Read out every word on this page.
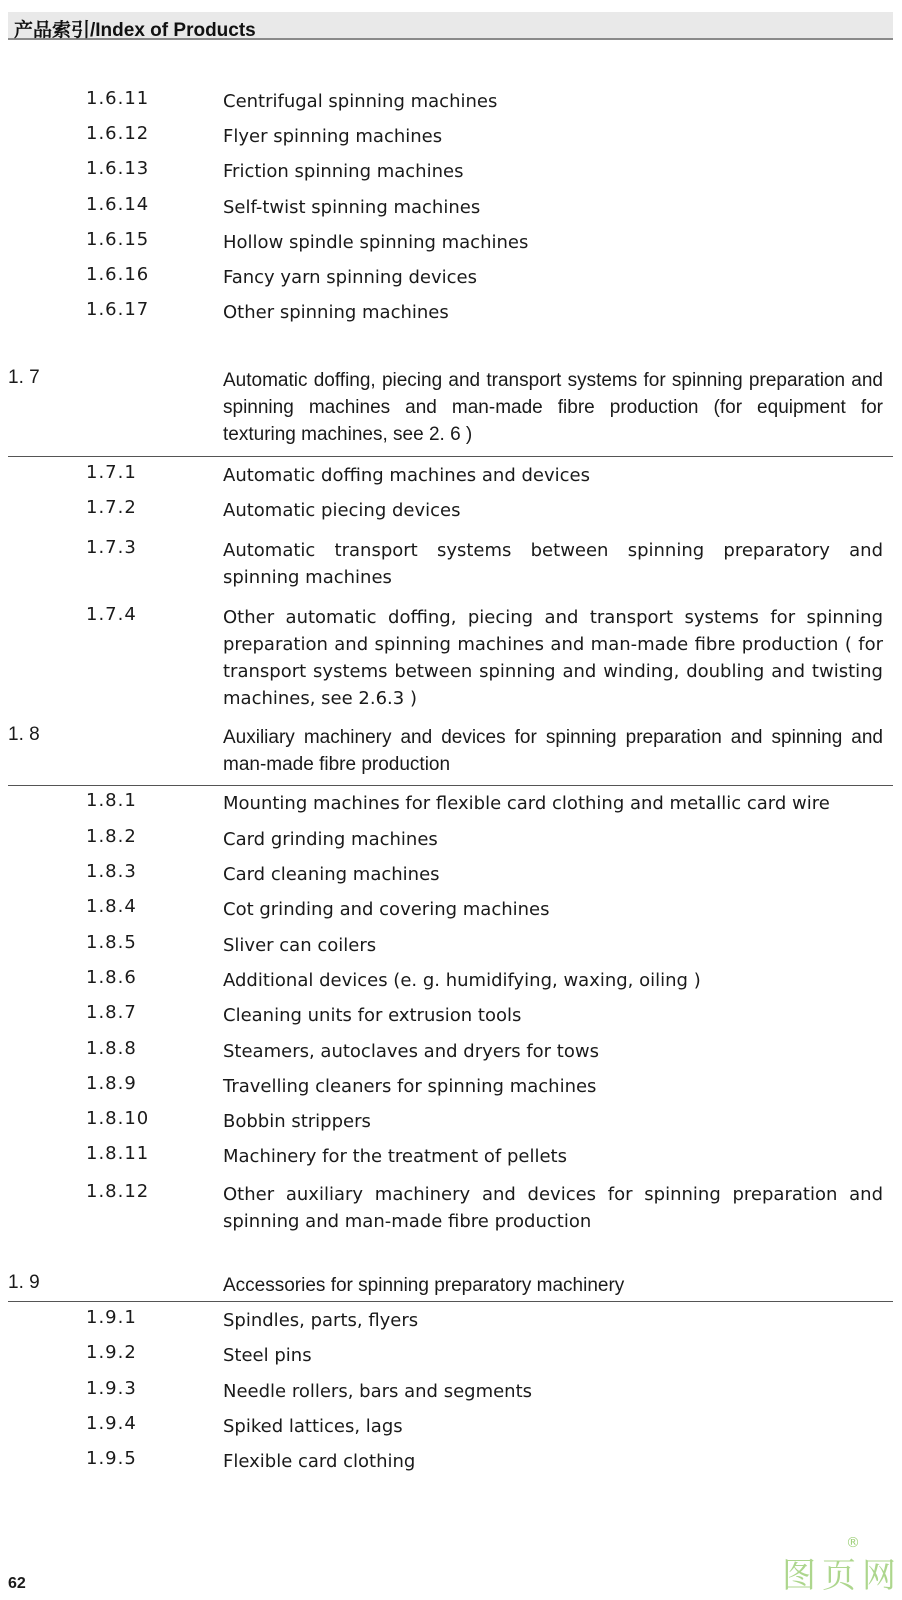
产品索引/Index of Products
1.6.11	Centrifugal spinning machines
1.6.12	Flyer spinning machines
1.6.13	Friction spinning machines
1.6.14	Self-twist spinning machines
1.6.15	Hollow spindle spinning machines
1.6.16	Fancy yarn spinning devices
1.6.17	Other spinning machines
1. 7	Automatic doffing, piecing and transport systems for spinning preparation and spinning machines and man-made fibre production (for equipment for texturing machines, see 2. 6 )
1.7.1	Automatic doffing machines and devices
1.7.2	Automatic piecing devices
1.7.3	Automatic transport systems between spinning preparatory and spinning machines
1.7.4	Other automatic doffing, piecing and transport systems for spinning preparation and spinning machines and man-made fibre production ( for transport systems between spinning and winding, doubling and twisting machines, see 2.6.3 )
1. 8	Auxiliary machinery and devices for spinning preparation and spinning and man-made fibre production
1.8.1	Mounting machines for flexible card clothing and metallic card wire
1.8.2	Card grinding machines
1.8.3	Card cleaning machines
1.8.4	Cot grinding and covering machines
1.8.5	Sliver can coilers
1.8.6	Additional devices (e. g. humidifying, waxing, oiling )
1.8.7	Cleaning units for extrusion tools
1.8.8	Steamers, autoclaves and dryers for tows
1.8.9	Travelling cleaners for spinning machines
1.8.10	Bobbin strippers
1.8.11	Machinery for the treatment of pellets
1.8.12	Other auxiliary machinery and devices for spinning preparation and spinning and man-made fibre production
1. 9	Accessories for spinning preparatory machinery
1.9.1	Spindles, parts, flyers
1.9.2	Steel pins
1.9.3	Needle rollers, bars and segments
1.9.4	Spiked lattices, lags
1.9.5	Flexible card clothing
62	图页网
®
